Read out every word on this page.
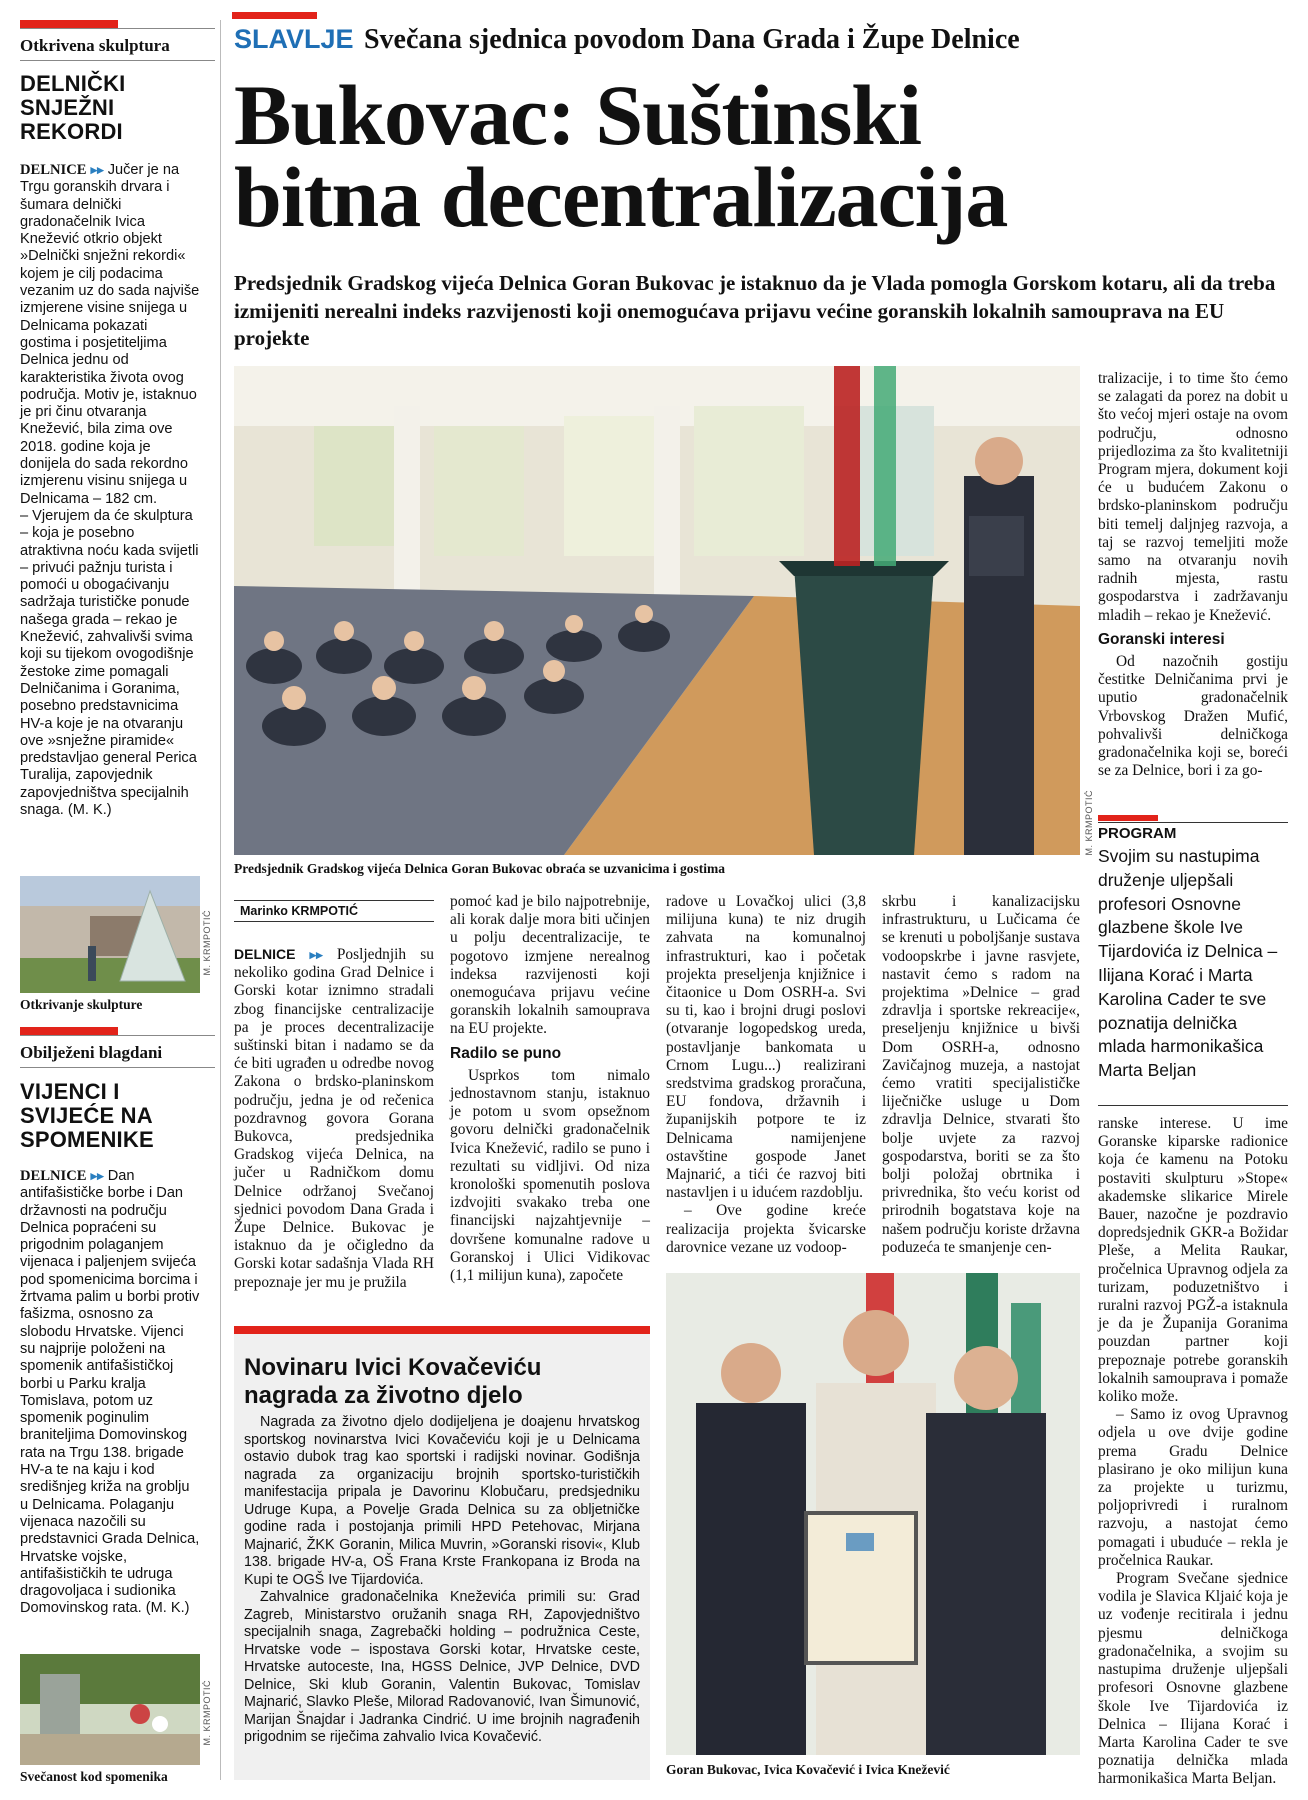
Otkrivena skulptura
DELNIČKI SNJEŽNI REKORDI
DELNICE ▸▸ Jučer je na Trgu goranskih drvara i šumara delnički gradonačelnik Ivica Knežević otkrio objekt »Delnički snježni rekordi« kojem je cilj podacima vezanim uz do sada najviše izmjerene visine snijega u Delnicama pokazati gostima i posjetiteljima Delnica jednu od karakteristika života ovog područja. Motiv je, istaknuo je pri činu otvaranja Knežević, bila zima ove 2018. godine koja je donijela do sada rekordno izmjerenu visinu snijega u Delnicama – 182 cm.
– Vjerujem da će skulptura – koja je posebno atraktivna noću kada svijetli – privući pažnju turista i pomoći u obogaćivanju sadržaja turističke ponude našega grada – rekao je Knežević, zahvalivši svima koji su tijekom ovogodišnje žestoke zime pomagali Delničanima i Goranima, posebno predstavnicima HV-a koje je na otvaranju ove »snježne piramide« predstavljao general Perica Turalija, zapovjednik zapovjedništva specijalnih snaga. (M. K.)
M. KRMPOTIĆ
Otkrivanje skulpture
Obilježeni blagdani
VIJENCI I SVIJEĆE NA SPOMENIKE
DELNICE ▸▸ Dan antifašističke borbe i Dan državnosti na području Delnica popraćeni su prigodnim polaganjem vijenaca i paljenjem svijeća pod spomenicima borcima i žrtvama palim u borbi protiv fašizma, osnosno za slobodu Hrvatske. Vijenci su najprije položeni na spomenik antifašističkoj borbi u Parku kralja Tomislava, potom uz spomenik poginulim braniteljima Domovinskog rata na Trgu 138. brigade HV-a te na kaju i kod središnjeg križa na groblju u Delnicama. Polaganju vijenaca nazočili su predstavnici Grada Delnica, Hrvatske vojske, antifašističkih te udruga dragovoljaca i sudionika Domovinskog rata. (M. K.)
M. KRMPOTIĆ
Svečanost kod spomenika
SLAVLJE Svečana sjednica povodom Dana Grada i Župe Delnice
Bukovac: Suštinski
bitna decentralizacija
Predsjednik Gradskog vijeća Delnica Goran Bukovac je istaknuo da je Vlada pomogla Gorskom kotaru, ali da treba izmijeniti nerealni indeks razvijenosti koji onemogućava prijavu većine goranskih lokalnih samouprava na EU projekte
M. KRMPOTIĆ
Predsjednik Gradskog vijeća Delnica Goran Bukovac obraća se uzvanicima i gostima
Marinko KRMPOTIĆ

DELNICE ▸▸ Posljednjih su nekoliko godina Grad Delnice i Gorski kotar iznimno stradali zbog financijske centralizacije pa je proces decentralizacije suštinski bitan i nadamo se da će biti ugrađen u odredbe novog Zakona o brdsko-planinskom području, jedna je od rečenica pozdravnog govora Gorana Bukovca, predsjednika Gradskog vijeća Delnica, na jučer u Radničkom domu Delnice održanoj Svečanoj sjednici povodom Dana Grada i Župe Delnice. Bukovac je istaknuo da je očigledno da Gorski kotar sadašnja Vlada RH prepoznaje jer mu je pružila

pomoć kad je bilo najpotrebnije, ali korak dalje mora biti učinjen u polju decentralizacije, te pogotovo izmjene nerealnog indeksa razvijenosti koji onemogućava prijavu većine goranskih lokalnih samouprava na EU projekte.

Radilo se puno

Usprkos tom nimalo jednostavnom stanju, istaknuo je potom u svom opsežnom govoru delnički gradonačelnik Ivica Knežević, radilo se puno i rezultati su vidljivi. Od niza kronološki spomenutih poslova izdvojiti svakako treba one financijski najzahtjevnije – dovršene komunalne radove u Goranskoj i Ulici Vidikovac (1,1 milijun kuna), započete

radove u Lovačkoj ulici (3,8 milijuna kuna) te niz drugih zahvata na komunalnoj infrastrukturi, kao i početak projekta preseljenja knjižnice i čitaonice u Dom OSRH-a. Svi su ti, kao i brojni drugi poslovi (otvaranje logopedskog ureda, postavljanje bankomata u Crnom Lugu...) realizirani sredstvima gradskog proračuna, EU fondova, državnih i županijskih potpore te iz Delnicama namijenjene ostavštine gospode Janet Majnarić, a tići će razvoj biti nastavljen i u idućem razdoblju.

– Ove godine kreće realizacija projekta švicarske darovnice vezane uz vodoop-

skrbu i kanalizacijsku infrastrukturu, u Lučicama će se krenuti u poboljšanje sustava vodoopskrbe i javne rasvjete, nastavit ćemo s radom na projektima »Delnice – grad zdravlja i sportske rekreacije«, preseljenju knjižnice u bivši Dom OSRH-a, odnosno Zavičajnog muzeja, a nastojat ćemo vratiti specijalističke liječničke usluge u Dom zdravlja Delnice, stvarati što bolje uvjete za razvoj gospodarstva, boriti se za što bolji položaj obrtnika i privrednika, što veću korist od prirodnih bogatstava koje na našem području koriste državna poduzeća te smanjenje cen-

tralizacije, i to time što ćemo se zalagati da porez na dobit u što većoj mjeri ostaje na ovom području, odnosno prijedlozima za što kvalitetniji Program mjera, dokument koji će u budućem Zakonu o brdsko-planinskom području biti temelj daljnjeg razvoja, a taj se razvoj temeljiti može samo na otvaranju novih radnih mjesta, rastu gospodarstva i zadržavanju mladih – rekao je Knežević.

Goranski interesi

Od nazočnih gostiju čestitke Delničanima prvi je uputio gradonačelnik Vrbovskog Dražen Mufić, pohvalivši delničkoga gradonačelnika koji se, boreći se za Delnice, bori i za go-

PROGRAM
Svojim su nastupima druženje uljepšali profesori Osnovne glazbene škole Ive Tijardovića iz Delnica – Ilijana Korać i Marta Karolina Cader te sve poznatija delnička mlada harmonikašica Marta Beljan

ranske interese. U ime Goranske kiparske radionice koja će kamenu na Potoku postaviti skulpturu »Stope« akademske slikarice Mirele Bauer, nazočne je pozdravio dopredsjednik GKR-a Božidar Pleše, a Melita Raukar, pročelnica Upravnog odjela za turizam, poduzetništvo i ruralni razvoj PGŽ-a istaknula je da je Županija Goranima pouzdan partner koji prepoznaje potrebe goranskih lokalnih samouprava i pomaže koliko može.

– Samo iz ovog Upravnog odjela u ove dvije godine prema Gradu Delnice plasirano je oko milijun kuna za projekte u turizmu, poljoprivredi i ruralnom razvoju, a nastojat ćemo pomagati i ubuduće – rekla je pročelnica Raukar.

Program Svečane sjednice vodila je Slavica Kljaić koja je uz vođenje recitirala i jednu pjesmu delničkoga gradonačelnika, a svojim su nastupima druženje uljepšali profesori Osnovne glazbene škole Ive Tijardovića iz Delnica – Ilijana Korać i Marta Karolina Cader te sve poznatija delnička mlada harmonikašica Marta Beljan.

Novinaru Ivici Kovačeviću
nagrada za životno djelo

Nagrada za životno djelo dodijeljena je doajenu hrvatskog sportskog novinarstva Ivici Kovačeviću koji je u Delnicama ostavio dubok trag kao sportski i radijski novinar. Godišnja nagrada za organizaciju brojnih sportsko-turističkih manifestacija pripala je Davorinu Klobučaru, predsjedniku Udruge Kupa, a Povelje Grada Delnica su za obljetničke godine rada i postojanja primili HPD Petehovac, Mirjana Majnarić, ŽKK Goranin, Milica Muvrin, »Goranski risovi«, Klub 138. brigade HV-a, OŠ Frana Krste Frankopana iz Broda na Kupi te OGŠ Ive Tijardovića.

Zahvalnice gradonačelnika Kneževića primili su: Grad Zagreb, Ministarstvo oružanih snaga RH, Zapovjedništvo specijalnih snaga, Zagrebački holding – podružnica Ceste, Hrvatske vode – ispostava Gorski kotar, Hrvatske ceste, Hrvatske autoceste, Ina, HGSS Delnice, JVP Delnice, DVD Delnice, Ski klub Goranin, Valentin Bukovac, Tomislav Majnarić, Slavko Pleše, Milorad Radovanović, Ivan Šimunović, Marijan Šnajdar i Jadranka Cindrić. U ime brojnih nagrađenih prigodnim se riječima zahvalio Ivica Kovačević.

Goran Bukovac, Ivica Kovačević i Ivica Knežević
